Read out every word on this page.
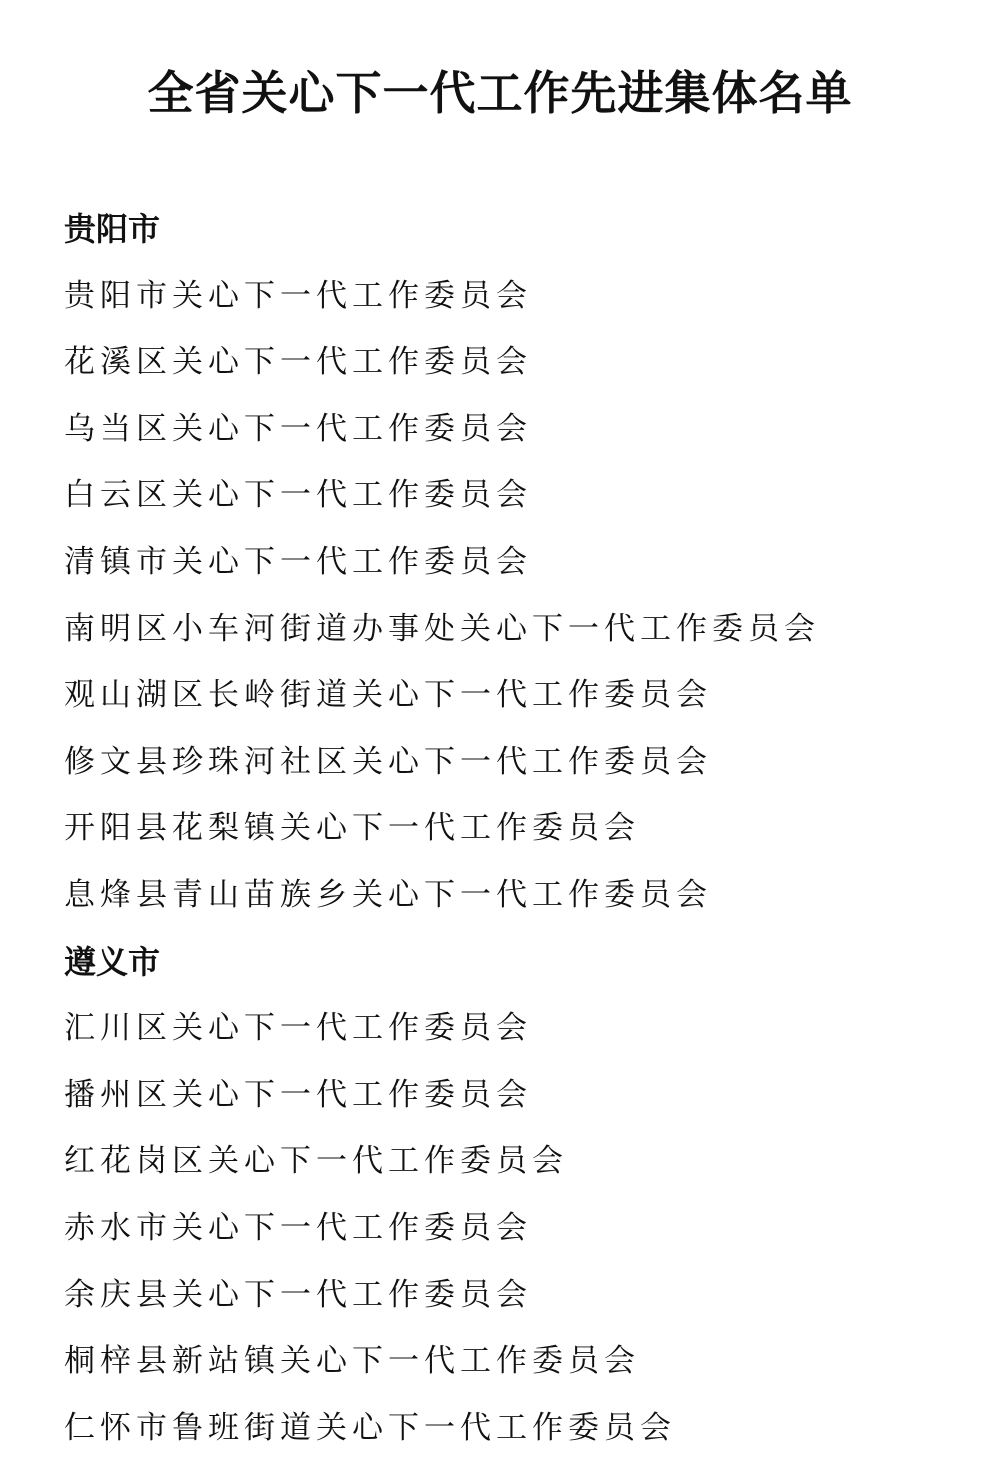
全省关心下一代工作先进集体名单
贵阳市
贵阳市关心下一代工作委员会
花溪区关心下一代工作委员会
乌当区关心下一代工作委员会
白云区关心下一代工作委员会
清镇市关心下一代工作委员会
南明区小车河街道办事处关心下一代工作委员会
观山湖区长岭街道关心下一代工作委员会
修文县珍珠河社区关心下一代工作委员会
开阳县花梨镇关心下一代工作委员会
息烽县青山苗族乡关心下一代工作委员会
遵义市
汇川区关心下一代工作委员会
播州区关心下一代工作委员会
红花岗区关心下一代工作委员会
赤水市关心下一代工作委员会
余庆县关心下一代工作委员会
桐梓县新站镇关心下一代工作委员会
仁怀市鲁班街道关心下一代工作委员会
